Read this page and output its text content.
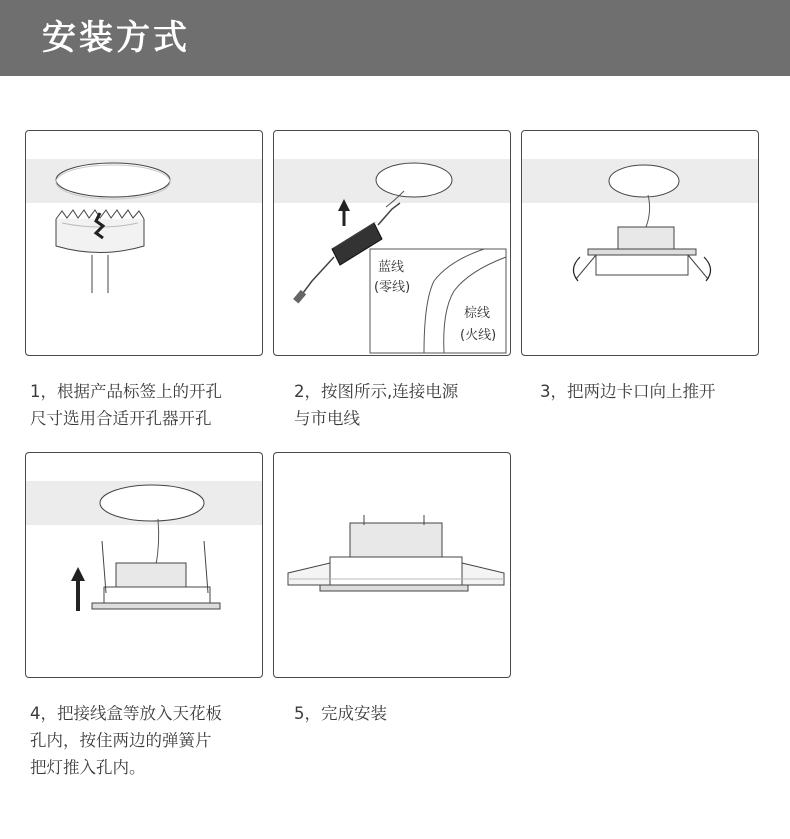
安装方式
蓝线
(零线)
棕线
(火线)
1，根据产品标签上的开孔
尺寸选用合适开孔器开孔
2，按图所示,连接电源
与市电线
3，把两边卡口向上推开
4，把接线盒等放入天花板
孔内，按住两边的弹簧片
把灯推入孔内。
5，完成安装
